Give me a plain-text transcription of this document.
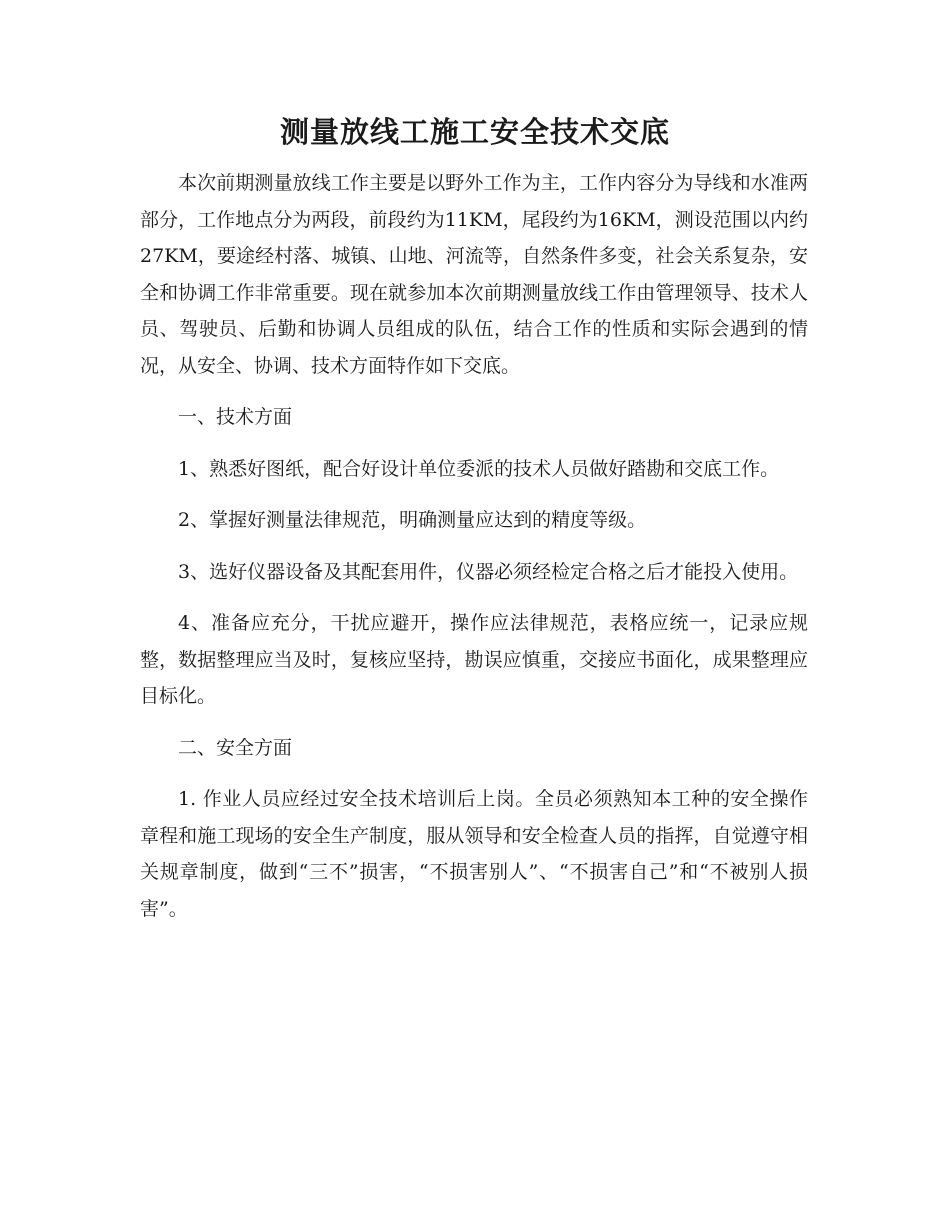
测量放线工施工安全技术交底

本次前期测量放线工作主要是以野外工作为主，工作内容分为导线和水准两部分，工作地点分为两段，前段约为11KM，尾段约为16KM，测设范围以内约27KM，要途经村落、城镇、山地、河流等，自然条件多变，社会关系复杂，安全和协调工作非常重要。现在就参加本次前期测量放线工作由管理领导、技术人员、驾驶员、后勤和协调人员组成的队伍，结合工作的性质和实际会遇到的情况，从安全、协调、技术方面特作如下交底。

一、技术方面

1、熟悉好图纸，配合好设计单位委派的技术人员做好踏勘和交底工作。

2、掌握好测量法律规范，明确测量应达到的精度等级。

3、选好仪器设备及其配套用件，仪器必须经检定合格之后才能投入使用。

4、准备应充分，干扰应避开，操作应法律规范，表格应统一，记录应规整，数据整理应当及时，复核应坚持，勘误应慎重，交接应书面化，成果整理应目标化。

二、安全方面

1. 作业人员应经过安全技术培训后上岗。全员必须熟知本工种的安全操作章程和施工现场的安全生产制度，服从领导和安全检查人员的指挥，自觉遵守相关规章制度，做到“三不”损害，“不损害别人”、“不损害自己”和“不被别人损害”。
